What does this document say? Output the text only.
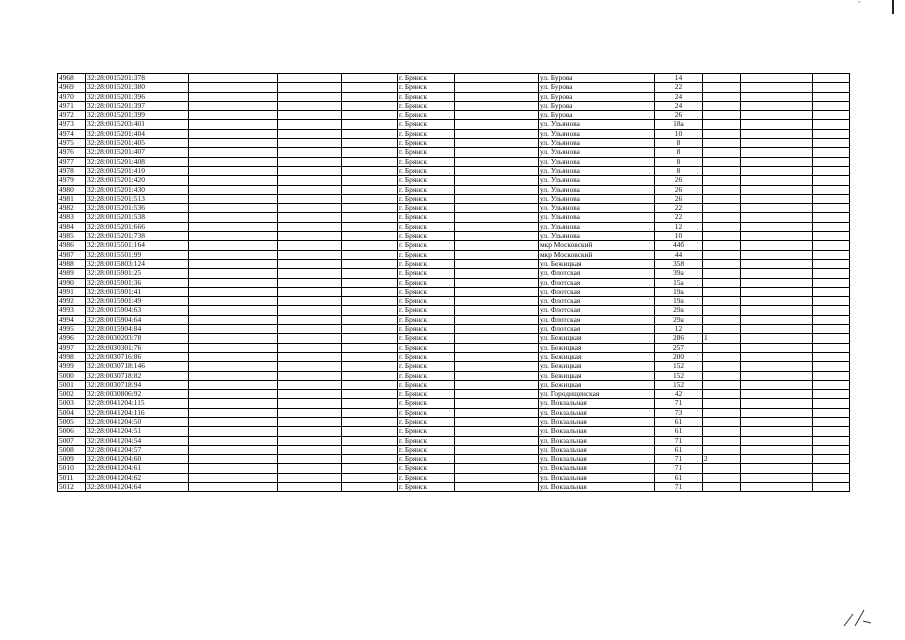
ˇ
4968	32:28:0015201:378				г. Брянск		ул. Бурова	14			
4969	32:28:0015201:380				г. Брянск		ул. Бурова	22			
4970	32:28:0015201:396				г. Брянск		ул. Бурова	24			
4971	32:28:0015201:397				г. Брянск		ул. Бурова	24			
4972	32:28:0015201:399				г. Брянск		ул. Бурова	26			
4973	32:28:0015203:401				г. Брянск		ул. Ульянова	18а			
4974	32:28:0015201:404				г. Брянск		ул. Ульянова	10			
4975	32:28:0015201:405				г. Брянск		ул. Ульянова	8			
4976	32:28:0015201:407				г. Брянск		ул. Ульянова	8			
4977	32:28:0015201:408				г. Брянск		ул. Ульянова	8			
4978	32:28:0015201:410				г. Брянск		ул. Ульянова	8			
4979	32:28:0015201:420				г. Брянск		ул. Ульянова	26			
4980	32:28:0015201:430				г. Брянск		ул. Ульянова	26			
4981	32:28:0015201:513				г. Брянск		ул. Ульянова	26			
4982	32:28:0015201:536				г. Брянск		ул. Ульянова	22			
4983	32:28:0015201:538				г. Брянск		ул. Ульянова	22			
4984	32:28:0015201:666				г. Брянск		ул. Ульянова	12			
4985	32:28:0015201:738				г. Брянск		ул. Ульянова	10			
4986	32:28:0015501:164				г. Брянск		мкр Московский	44б			
4987	32:28:0015501:99				г. Брянск		мкр Московский	44			
4988	32:28:0015803:124				г. Брянск		ул. Бежицкая	358			
4989	32:28:0015901:25				г. Брянск		ул. Флотская	39а			
4990	32:28:0015901:36				г. Брянск		ул. Флотская	15а			
4991	32:28:0015901:41				г. Брянск		ул. Флотская	19а			
4992	32:28:0015901:49				г. Брянск		ул. Флотская	19а			
4993	32:28:0015904:63				г. Брянск		ул. Флотская	29а			
4994	32:28:0015904:64				г. Брянск		ул. Флотская	29а			
4995	32:28:0015904:84				г. Брянск		ул. Флотская	12			
4996	32:28:0030203:78				г. Брянск		ул. Бежицкая	286	1		
4997	32:28:0030301:76				г. Брянск		ул. Бежицкая	257			
4998	32:28:0030716:86				г. Брянск		ул. Бежицкая	200			
4999	32:28:0030718:146				г. Брянск		ул. Бежицкая	152			
5000	32:28:0030718:82				г. Брянск		ул. Бежицкая	152			
5001	32:28:0030718:94				г. Брянск		ул. Бежицкая	152			
5002	32:28:0030806:92				г. Брянск		ул. Городищенская	42			
5003	32:28:0041204:115				г. Брянск		ул. Вокзальная	71			
5004	32:28:0041204:116				г. Брянск		ул. Вокзальная	73			
5005	32:28:0041204:50				г. Брянск		ул. Вокзальная	61			
5006	32:28:0041204:51				г. Брянск		ул. Вокзальная	61			
5007	32:28:0041204:54				г. Брянск		ул. Вокзальная	71			
5008	32:28:0041204:57				г. Брянск		ул. Вокзальная	61			
5009	32:28:0041204:60				г. Брянск		ул. Вокзальная	71	2		
5010	32:28:0041204:61				г. Брянск		ул. Вокзальная	71			
5011	32:28:0041204:62				г. Брянск		ул. Вокзальная	61			
5012	32:28:0041204:64				г. Брянск		ул. Вокзальная	71			
